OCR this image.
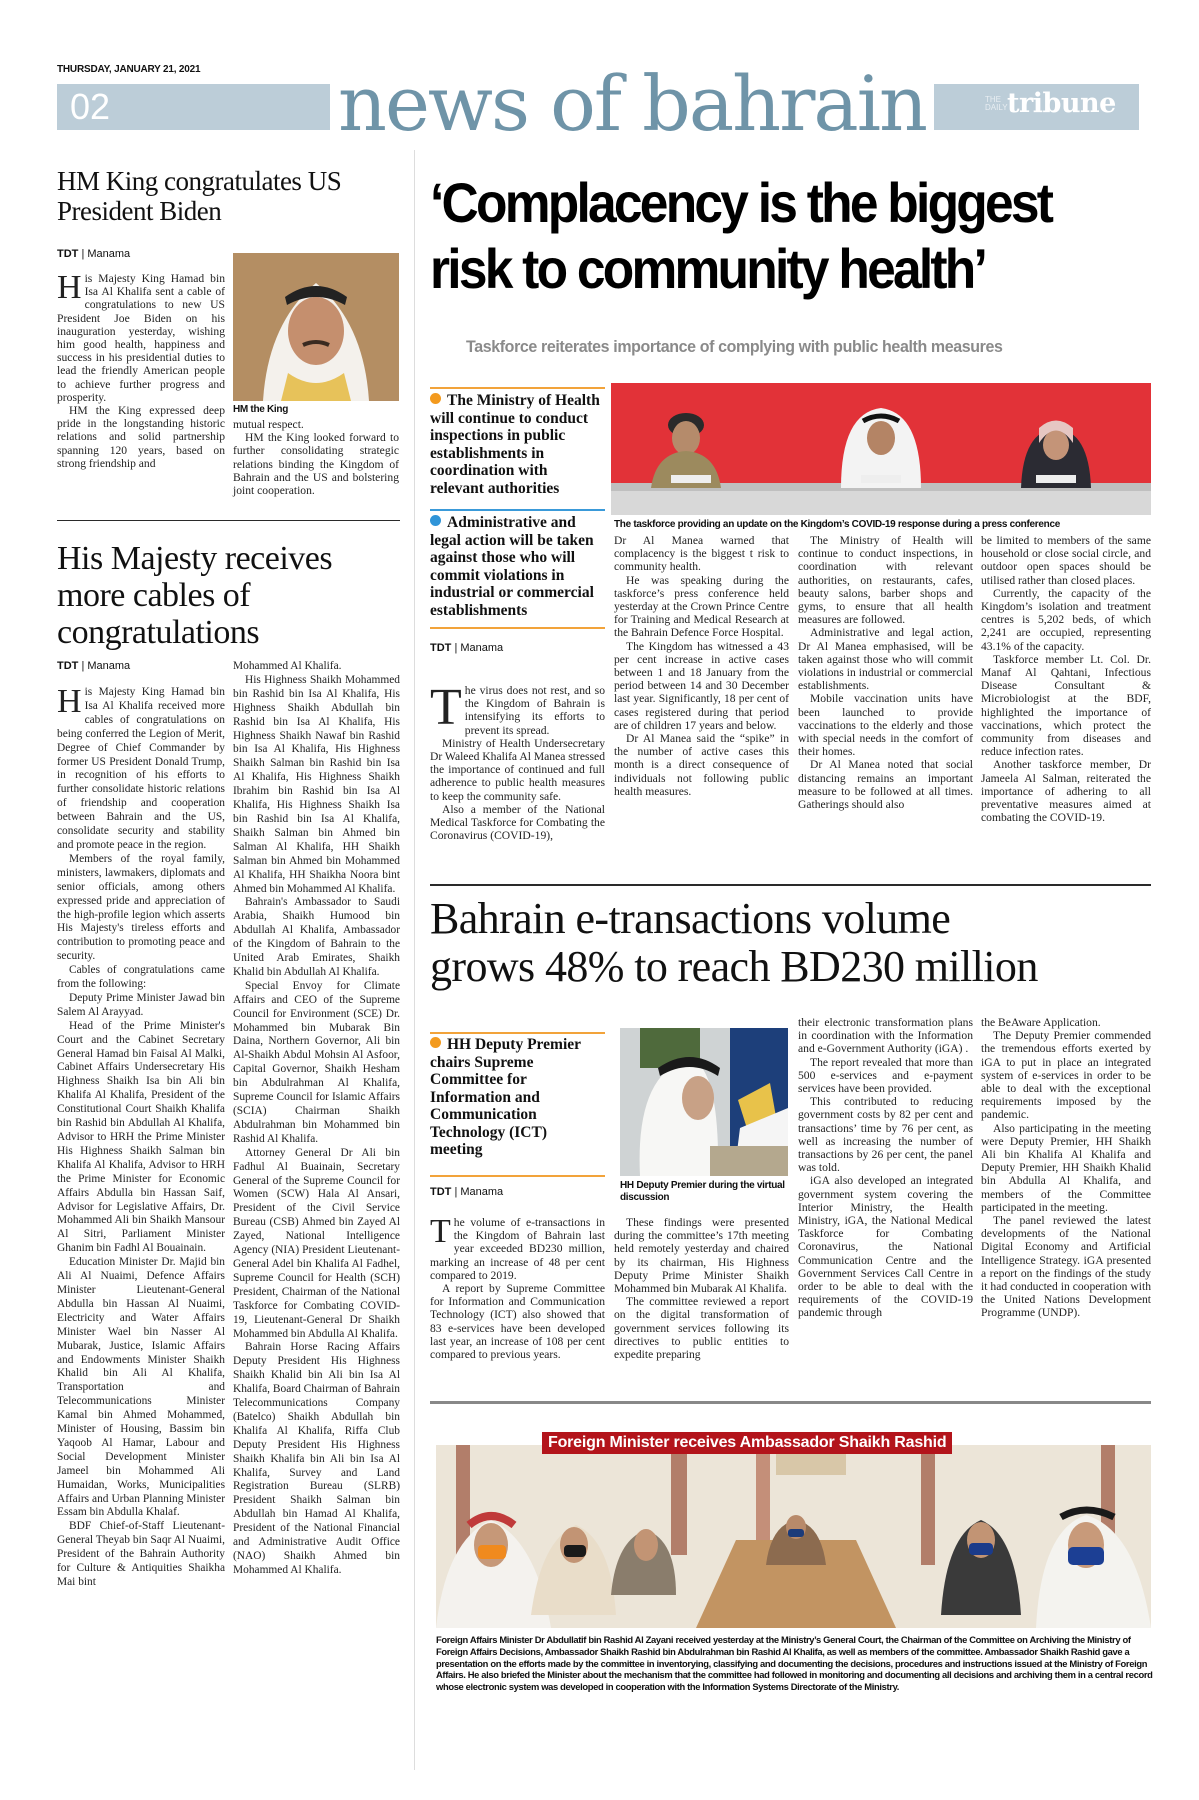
THURSDAY, JANUARY 21, 2021
02	news of bahrain	THE DAILY tribune
HM King congratulates US President Biden
TDT | Manama

His Majesty King Hamad bin Isa Al Khalifa sent a cable of congratulations to new US President Joe Biden on his inauguration yesterday, wishing him good health, happiness and success in his presidential duties to lead the friendly American people to achieve further progress and prosperity.

HM the King expressed deep pride in the longstanding historic relations and solid partnership spanning 120 years, based on strong friendship and

HM the King

mutual respect.

HM the King looked forward to further consolidating strategic relations binding the Kingdom of Bahrain and the US and bolstering joint cooperation.

His Majesty receives more cables of congratulations
TDT | Manama

His Majesty King Hamad bin Isa Al Khalifa received more cables of congratulations on being conferred the Legion of Merit, Degree of Chief Commander by former US President Donald Trump, in recognition of his efforts to further consolidate historic relations of friendship and cooperation between Bahrain and the US, consolidate security and stability and promote peace in the region.

Members of the royal family, ministers, lawmakers, diplomats and senior officials, among others expressed pride and appreciation of the high-profile legion which asserts His Majesty's tireless efforts and contribution to promoting peace and security.

Cables of congratulations came from the following:

Deputy Prime Minister Jawad bin Salem Al Arayyad.

Head of the Prime Minister's Court and the Cabinet Secretary General Hamad bin Faisal Al Malki, Cabinet Affairs Undersecretary His Highness Shaikh Isa bin Ali bin Khalifa Al Khalifa, President of the Constitutional Court Shaikh Khalifa bin Rashid bin Abdullah Al Khalifa, Advisor to HRH the Prime Minister His Highness Shaikh Salman bin Khalifa Al Khalifa, Advisor to HRH the Prime Minister for Economic Affairs Abdulla bin Hassan Saif, Advisor for Legislative Affairs, Dr. Mohammed Ali bin Shaikh Mansour Al Sitri, Parliament Minister Ghanim bin Fadhl Al Bouainain.

Education Minister Dr. Majid bin Ali Al Nuaimi, Defence Affairs Minister Lieutenant-General Abdulla bin Hassan Al Nuaimi, Electricity and Water Affairs Minister Wael bin Nasser Al Mubarak, Justice, Islamic Affairs and Endowments Minister Shaikh Khalid bin Ali Al Khalifa, Transportation and Telecommunications Minister Kamal bin Ahmed Mohammed, Minister of Housing, Bassim bin Yaqoob Al Hamar, Labour and Social Development Minister Jameel bin Mohammed Ali Humaidan, Works, Municipalities Affairs and Urban Planning Minister Essam bin Abdulla Khalaf.

BDF Chief-of-Staff Lieutenant-General Theyab bin Saqr Al Nuaimi, President of the Bahrain Authority for Culture & Antiquities Shaikha Mai bint

Mohammed Al Khalifa.

His Highness Shaikh Mohammed bin Rashid bin Isa Al Khalifa, His Highness Shaikh Abdullah bin Rashid bin Isa Al Khalifa, His Highness Shaikh Nawaf bin Rashid bin Isa Al Khalifa, His Highness Shaikh Salman bin Rashid bin Isa Al Khalifa, His Highness Shaikh Ibrahim bin Rashid bin Isa Al Khalifa, His Highness Shaikh Isa bin Rashid bin Isa Al Khalifa, Shaikh Salman bin Ahmed bin Salman Al Khalifa, HH Shaikh Salman bin Ahmed bin Mohammed Al Khalifa, HH Shaikha Noora bint Ahmed bin Mohammed Al Khalifa.

Bahrain's Ambassador to Saudi Arabia, Shaikh Humood bin Abdullah Al Khalifa, Ambassador of the Kingdom of Bahrain to the United Arab Emirates, Shaikh Khalid bin Abdullah Al Khalifa.

Special Envoy for Climate Affairs and CEO of the Supreme Council for Environment (SCE) Dr. Mohammed bin Mubarak Bin Daina, Northern Governor, Ali bin Al-Shaikh Abdul Mohsin Al Asfoor, Capital Governor, Shaikh Hesham bin Abdulrahman Al Khalifa, Supreme Council for Islamic Affairs (SCIA) Chairman Shaikh Abdulrahman bin Mohammed bin Rashid Al Khalifa.

Attorney General Dr Ali bin Fadhul Al Buainain, Secretary General of the Supreme Council for Women (SCW) Hala Al Ansari, President of the Civil Service Bureau (CSB) Ahmed bin Zayed Al Zayed, National Intelligence Agency (NIA) President Lieutenant-General Adel bin Khalifa Al Fadhel, Supreme Council for Health (SCH) President, Chairman of the National Taskforce for Combating COVID-19, Lieutenant-General Dr Shaikh Mohammed bin Abdulla Al Khalifa.

Bahrain Horse Racing Affairs Deputy President His Highness Shaikh Khalid bin Ali bin Isa Al Khalifa, Board Chairman of Bahrain Telecommunications Company (Batelco) Shaikh Abdullah bin Khalifa Al Khalifa, Riffa Club Deputy President His Highness Shaikh Khalifa bin Ali bin Isa Al Khalifa, Survey and Land Registration Bureau (SLRB) President Shaikh Salman bin Abdullah bin Hamad Al Khalifa, President of the National Financial and Administrative Audit Office (NAO) Shaikh Ahmed bin Mohammed Al Khalifa.

‘Complacency is the biggest
risk to community health’
Taskforce reiterates importance of complying with public health measures
The Ministry of Health will continue to conduct inspections in public establishments in coordination with relevant authorities
Administrative and legal action will be taken against those who will commit violations in industrial or commercial establishments
TDT | Manama
The taskforce providing an update on the Kingdom’s COVID-19 response during a press conference

The virus does not rest, and so the Kingdom of Bahrain is intensifying its efforts to prevent its spread.

Ministry of Health Undersecretary Dr Waleed Khalifa Al Manea stressed the importance of continued and full adherence to public health measures to keep the community safe.

Also a member of the National Medical Taskforce for Combating the Coronavirus (COVID-19),

Dr Al Manea warned that complacency is the biggest t risk to community health.

He was speaking during the taskforce’s press conference held yesterday at the Crown Prince Centre for Training and Medical Research at the Bahrain Defence Force Hospital.

The Kingdom has witnessed a 43 per cent increase in active cases between 1 and 18 January from the period between 14 and 30 December last year. Significantly, 18 per cent of cases registered during that period are of children 17 years and below.

Dr Al Manea said the “spike” in the number of active cases this month is a direct consequence of individuals not following public health measures.

The Ministry of Health will continue to conduct inspections, in coordination with relevant authorities, on restaurants, cafes, beauty salons, barber shops and gyms, to ensure that all health measures are followed.

Administrative and legal action, Dr Al Manea emphasised, will be taken against those who will commit violations in industrial or commercial establishments.

Mobile vaccination units have been launched to provide vaccinations to the elderly and those with special needs in the comfort of their homes.

Dr Al Manea noted that social distancing remains an important measure to be followed at all times. Gatherings should also

be limited to members of the same household or close social circle, and outdoor open spaces should be utilised rather than closed places.

Currently, the capacity of the Kingdom’s isolation and treatment centres is 5,202 beds, of which 2,241 are occupied, representing 43.1% of the capacity.

Taskforce member Lt. Col. Dr. Manaf Al Qahtani, Infectious Disease Consultant & Microbiologist at the BDF, highlighted the importance of vaccinations, which protect the community from diseases and reduce infection rates.

Another taskforce member, Dr Jameela Al Salman, reiterated the importance of adhering to all preventative measures aimed at combating the COVID-19.

Bahrain e-transactions volume
grows 48% to reach BD230 million
HH Deputy Premier chairs Supreme Committee for Information and Communication Technology (ICT) meeting
TDT | Manama
HH Deputy Premier during the virtual discussion

The volume of e-transactions in the Kingdom of Bahrain last year exceeded BD230 million, marking an increase of 48 per cent compared to 2019.

A report by Supreme Committee for Information and Communication Technology (ICT) also showed that 83 e-services have been developed last year, an increase of 108 per cent compared to previous years.

These findings were presented during the committee’s 17th meeting held remotely yesterday and chaired by its chairman, His Highness Deputy Prime Minister Shaikh Mohammed bin Mubarak Al Khalifa.

The committee reviewed a report on the digital transformation of government services following its directives to public entities to expedite preparing

their electronic transformation plans in coordination with the Information and e-Government Authority (iGA) .

The report revealed that more than 500 e-services and e-payment services have been provided.

This contributed to reducing government costs by 82 per cent and transactions’ time by 76 per cent, as well as increasing the number of transactions by 26 per cent, the panel was told.

iGA also developed an integrated government system covering the Interior Ministry, the Health Ministry, iGA, the National Medical Taskforce for Combating Coronavirus, the National Communication Centre and the Government Services Call Centre in order to be able to deal with the requirements of the COVID-19 pandemic through

the BeAware Application.

The Deputy Premier commended the tremendous efforts exerted by iGA to put in place an integrated system of e-services in order to be able to deal with the exceptional requirements imposed by the pandemic.

Also participating in the meeting were Deputy Premier, HH Shaikh Ali bin Khalifa Al Khalifa and Deputy Premier, HH Shaikh Khalid bin Abdulla Al Khalifa, and members of the Committee participated in the meeting.

The panel reviewed the latest developments of the National Digital Economy and Artificial Intelligence Strategy. iGA presented a report on the findings of the study it had conducted in cooperation with the United Nations Development Programme (UNDP).

Foreign Minister receives Ambassador Shaikh Rashid
Foreign Affairs Minister Dr Abdullatif bin Rashid Al Zayani received yesterday at the Ministry’s General Court, the Chairman of the Committee on Archiving the Ministry of Foreign Affairs Decisions, Ambassador Shaikh Rashid bin Abdulrahman bin Rashid Al Khalifa, as well as members of the committee. Ambassador Shaikh Rashid gave a presentation on the efforts made by the committee in inventorying, classifying and documenting the decisions, procedures and instructions issued at the Ministry of Foreign Affairs. He also briefed the Minister about the mechanism that the committee had followed in monitoring and documenting all decisions and archiving them in a central record whose electronic system was developed in cooperation with the Information Systems Directorate of the Ministry.
